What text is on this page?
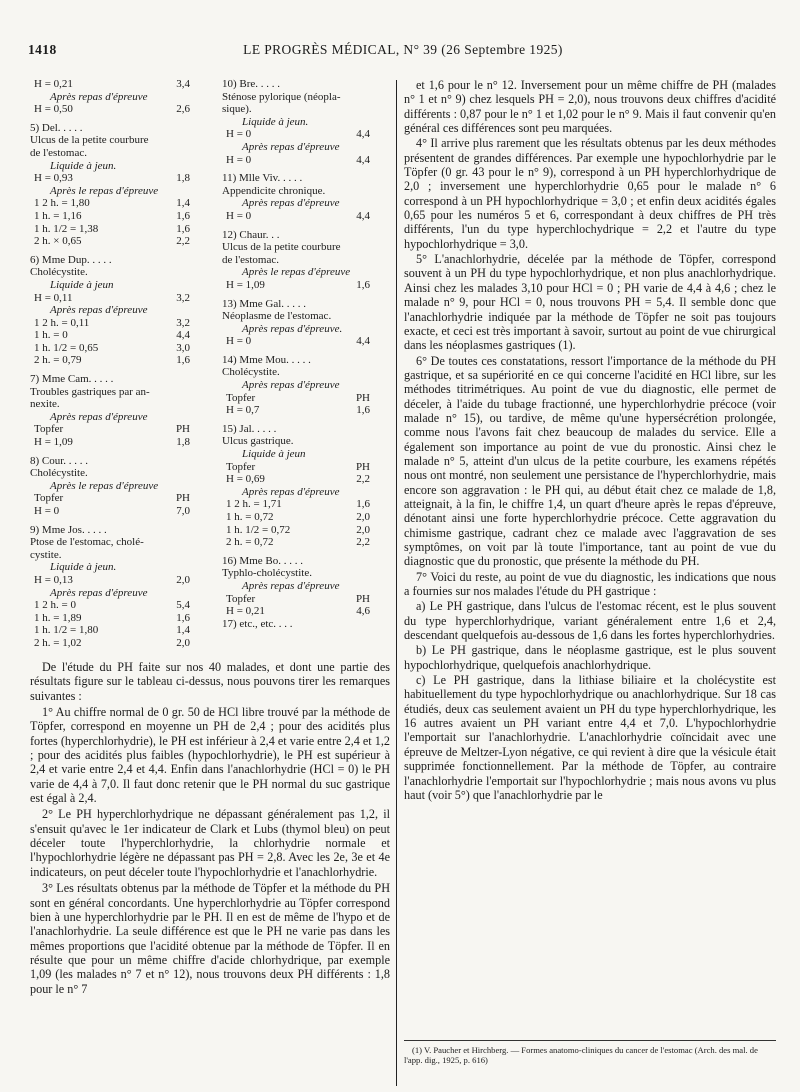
1418	LE PROGRÈS MÉDICAL, N° 39 (26 Septembre 1925)
H = 0,21	3,4
Après repas d'épreuve
H = 0,50	2,6
5) Del. . . . .
Ulcus de la petite courbure
de l'estomac.
Liquide à jeun.
H = 0,93	1,8
Après le repas d'épreuve
1 2 h. = 1,80	1,4
1 h. = 1,16	1,6
1 h. 1/2 = 1,38	1,6
2 h. × 0,65	2,2
6) Mme Dup. . . . .
Cholécystite.
Liquide à jeun
H = 0,11	3,2
Après repas d'épreuve
1 2 h. = 0,11	3,2
1 h. = 0	4,4
1 h. 1/2 = 0,65	3,0
2 h. = 0,79	1,6
7) Mme Cam. . . . .
Troubles gastriques par an-
nexite.
Après repas d'épreuve
Topfer	PH
H = 1,09	1,8
8) Cour. . . . .
Cholécystite.
Après le repas d'épreuve
Topfer	PH
H = 0	7,0
9) Mme Jos. . . . .
Ptose de l'estomac, cholé-
cystite.
Liquide à jeun.
H = 0,13	2,0
Après repas d'épreuve
1 2 h. = 0	5,4
1 h. = 1,89	1,6
1 h. 1/2 = 1,80	1,4
2 h. = 1,02	2,0
10) Bre. . . . .
Sténose pylorique (néopla-
sique).
Liquide à jeun.
H = 0	4,4
Après repas d'épreuve
H = 0	4,4
11) Mlle Viv. . . . .
Appendicite chronique.
Après repas d'épreuve
H = 0	4,4
12) Chaur. . .
Ulcus de la petite courbure
de l'estomac.
Après le repas d'épreuve
H = 1,09	1,6
13) Mme Gal. . . . .
Néoplasme de l'estomac.
Après repas d'épreuve.
H = 0	4,4
14) Mme Mou. . . . .
Cholécystite.
Après repas d'épreuve
Topfer	PH
H = 0,7	1,6
15) Jal. . . . .
Ulcus gastrique.
Liquide à jeun
Topfer	PH
H = 0,69	2,2
Après repas d'épreuve
1 2 h. = 1,71	1,6
1 h. = 0,72	2,0
1 h. 1/2 = 0,72	2,0
2 h. = 0,72	2,2
16) Mme Bo. . . . .
Typhlo-cholécystite.
Après repas d'épreuve
Topfer	PH
H = 0,21	4,6
17) etc., etc. . . .

De l'étude du PH faite sur nos 40 malades, et dont une partie des résultats figure sur le tableau ci-dessus, nous pouvons tirer les remarques suivantes :

1° Au chiffre normal de 0 gr. 50 de HCl libre trouvé par la méthode de Töpfer, correspond en moyenne un PH de 2,4 ; pour des acidités plus fortes (hyperchlorhydrie), le PH est inférieur à 2,4 et varie entre 2,4 et 1,2 ; pour des acidités plus faibles (hypochlorhydrie), le PH est supérieur à 2,4 et varie entre 2,4 et 4,4. Enfin dans l'anachlorhydrie (HCl = 0) le PH varie de 4,4 à 7,0. Il faut donc retenir que le PH normal du suc gastrique est égal à 2,4.

2° Le PH hyperchlorhydrique ne dépassant généralement pas 1,2, il s'ensuit qu'avec le 1er indicateur de Clark et Lubs (thymol bleu) on peut déceler toute l'hyperchlorhydrie, la chlorhydrie normale et l'hypochlorhydrie légère ne dépassant pas PH = 2,8. Avec les 2e, 3e et 4e indicateurs, on peut déceler toute l'hypochlorhydrie et l'anachlorhydrie.

3° Les résultats obtenus par la méthode de Töpfer et la méthode du PH sont en général concordants. Une hyperchlorhydrie au Töpfer correspond bien à une hyperchlorhydrie par le PH. Il en est de même de l'hypo et de l'anachlorhydrie. La seule différence est que le PH ne varie pas dans les mêmes proportions que l'acidité obtenue par la méthode de Töpfer. Il en résulte que pour un même chiffre d'acide chlorhydrique, par exemple 1,09 (les malades n° 7 et n° 12), nous trouvons deux PH différents : 1,8 pour le n° 7

et 1,6 pour le n° 12. Inversement pour un même chiffre de PH (malades n° 1 et n° 9) chez lesquels PH = 2,0), nous trouvons deux chiffres d'acidité différents : 0,87 pour le n° 1 et 1,02 pour le n° 9. Mais il faut convenir qu'en général ces différences sont peu marquées.

4° Il arrive plus rarement que les résultats obtenus par les deux méthodes présentent de grandes différences. Par exemple une hypochlorhydrie par le Töpfer (0 gr. 43 pour le n° 9), correspond à un PH hyperchlorhydrique de 2,0 ; inversement une hyperchlorhydrie 0,65 pour le malade n° 6 correspond à un PH hypochlorhydrique = 3,0 ; et enfin deux acidités égales 0,65 pour les numéros 5 et 6, correspondant à deux chiffres de PH très différents, l'un du type hyperchlochydrique = 2,2 et l'autre du type hypochlorhydrique = 3,0.

5° L'anachlorhydrie, décelée par la méthode de Töpfer, correspond souvent à un PH du type hypochlorhydrique, et non plus anachlorhydrique. Ainsi chez les malades 3,10 pour HCl = 0 ; PH varie de 4,4 à 4,6 ; chez le malade n° 9, pour HCl = 0, nous trouvons PH = 5,4. Il semble donc que l'anachlorhydrie indiquée par la méthode de Töpfer ne soit pas toujours exacte, et ceci est très important à savoir, surtout au point de vue chirurgical dans les néoplasmes gastriques (1).

6° De toutes ces constatations, ressort l'importance de la méthode du PH gastrique, et sa supériorité en ce qui concerne l'acidité en HCl libre, sur les méthodes titrimétriques. Au point de vue du diagnostic, elle permet de déceler, à l'aide du tubage fractionné, une hyperchlorhydrie précoce (voir malade n° 15), ou tardive, de même qu'une hypersécrétion prolongée, comme nous l'avons fait chez beaucoup de malades du service. Elle a également son importance au point de vue du pronostic. Ainsi chez le malade n° 5, atteint d'un ulcus de la petite courbure, les examens répétés nous ont montré, non seulement une persistance de l'hyperchlorhydrie, mais encore son aggravation : le PH qui, au début était chez ce malade de 1,8, atteignait, à la fin, le chiffre 1,4, un quart d'heure après le repas d'épreuve, dénotant ainsi une forte hyperchlorhydrie précoce. Cette aggravation du chimisme gastrique, cadrant chez ce malade avec l'aggravation de ses symptômes, on voit par là toute l'importance, tant au point de vue du diagnostic que du pronostic, que présente la méthode du PH.

7° Voici du reste, au point de vue du diagnostic, les indications que nous a fournies sur nos malades l'étude du PH gastrique :

a) Le PH gastrique, dans l'ulcus de l'estomac récent, est le plus souvent du type hyperchlorhydrique, variant généralement entre 1,6 et 2,4, descendant quelquefois au-dessous de 1,6 dans les fortes hyperchlorhydries.

b) Le PH gastrique, dans le néoplasme gastrique, est le plus souvent hypochlorhydrique, quelquefois anachlorhydrique.

c) Le PH gastrique, dans la lithiase biliaire et la cholécystite est habituellement du type hypochlorhydrique ou anachlorhydrique. Sur 18 cas étudiés, deux cas seulement avaient un PH du type hyperchlorhydrique, les 16 autres avaient un PH variant entre 4,4 et 7,0. L'hypochlorhydrie l'emportait sur l'anachlorhydrie. L'anachlorhydrie coïncidait avec une épreuve de Meltzer-Lyon négative, ce qui revient à dire que la vésicule était supprimée fonctionnellement. Par la méthode de Töpfer, au contraire l'anachlorhydrie l'emportait sur l'hypochlorhydrie ; mais nous avons vu plus haut (voir 5°) que l'anachlorhydrie par le

(1) V. Paucher et Hirchberg. — Formes anatomo-cliniques du cancer de l'estomac (Arch. des mal. de l'app. dig., 1925, p. 616)
